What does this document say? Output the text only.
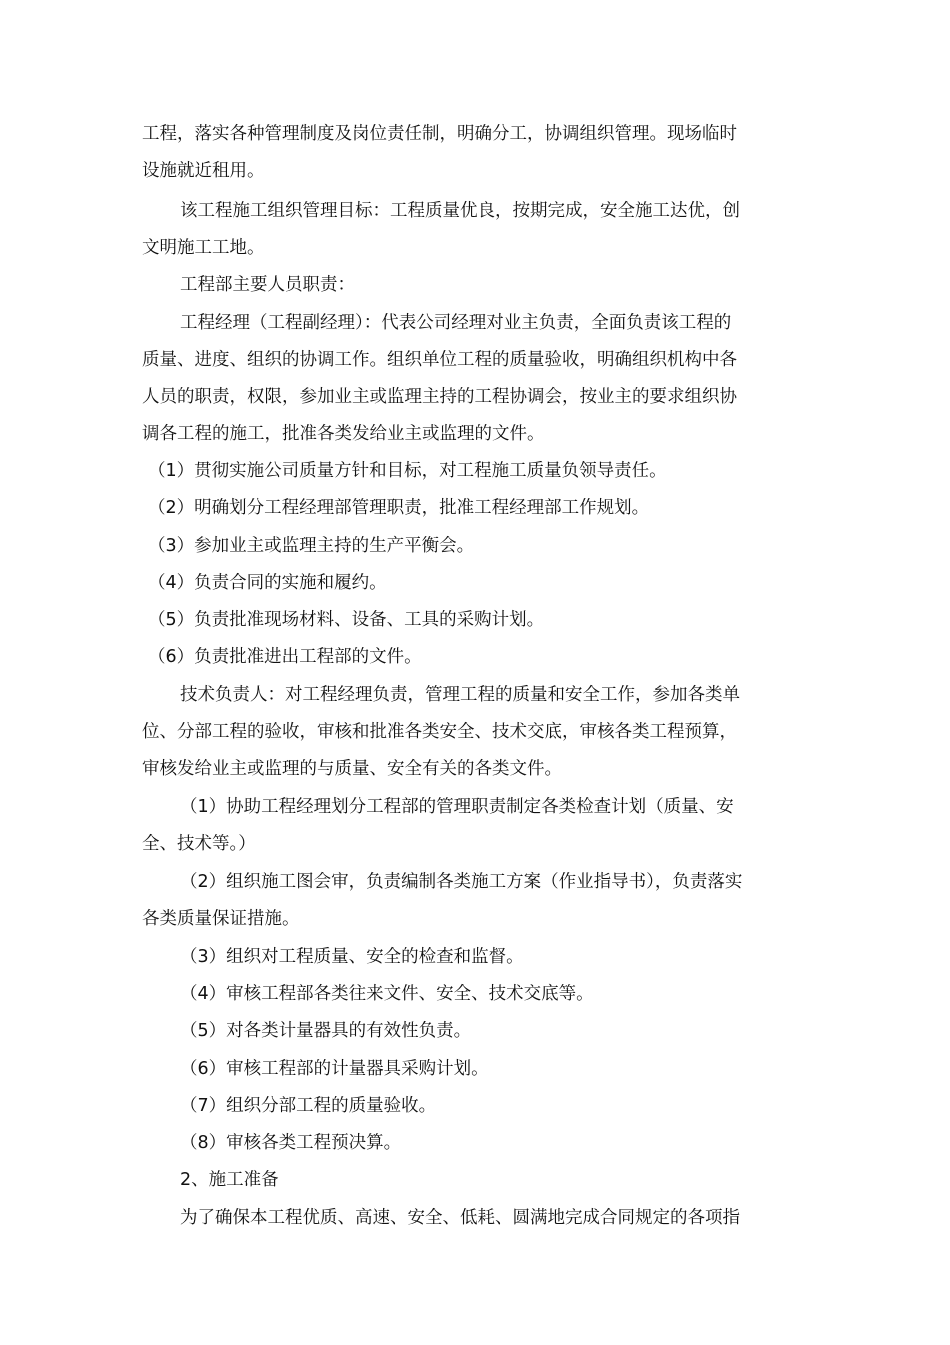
工程，落实各种管理制度及岗位责任制，明确分工，协调组织管理。现场临时
设施就近租用。
该工程施工组织管理目标：工程质量优良，按期完成，安全施工达优，创
文明施工工地。
工程部主要人员职责：
工程经理（工程副经理）：代表公司经理对业主负责，全面负责该工程的
质量、进度、组织的协调工作。组织单位工程的质量验收，明确组织机构中各
人员的职责，权限，参加业主或监理主持的工程协调会，按业主的要求组织协
调各工程的施工，批准各类发给业主或监理的文件。
（1）贯彻实施公司质量方针和目标，对工程施工质量负领导责任。
（2）明确划分工程经理部管理职责，批准工程经理部工作规划。
（3）参加业主或监理主持的生产平衡会。
（4）负责合同的实施和履约。
（5）负责批准现场材料、设备、工具的采购计划。
（6）负责批准进出工程部的文件。
技术负责人：对工程经理负责，管理工程的质量和安全工作，参加各类单
位、分部工程的验收，审核和批准各类安全、技术交底，审核各类工程预算，
审核发给业主或监理的与质量、安全有关的各类文件。
（1）协助工程经理划分工程部的管理职责制定各类检查计划（质量、安
全、技术等。）
（2）组织施工图会审，负责编制各类施工方案（作业指导书），负责落实
各类质量保证措施。
（3）组织对工程质量、安全的检查和监督。
（4）审核工程部各类往来文件、安全、技术交底等。
（5）对各类计量器具的有效性负责。
（6）审核工程部的计量器具采购计划。
（7）组织分部工程的质量验收。
（8）审核各类工程预决算。
2、施工准备
为了确保本工程优质、高速、安全、低耗、圆满地完成合同规定的各项指
